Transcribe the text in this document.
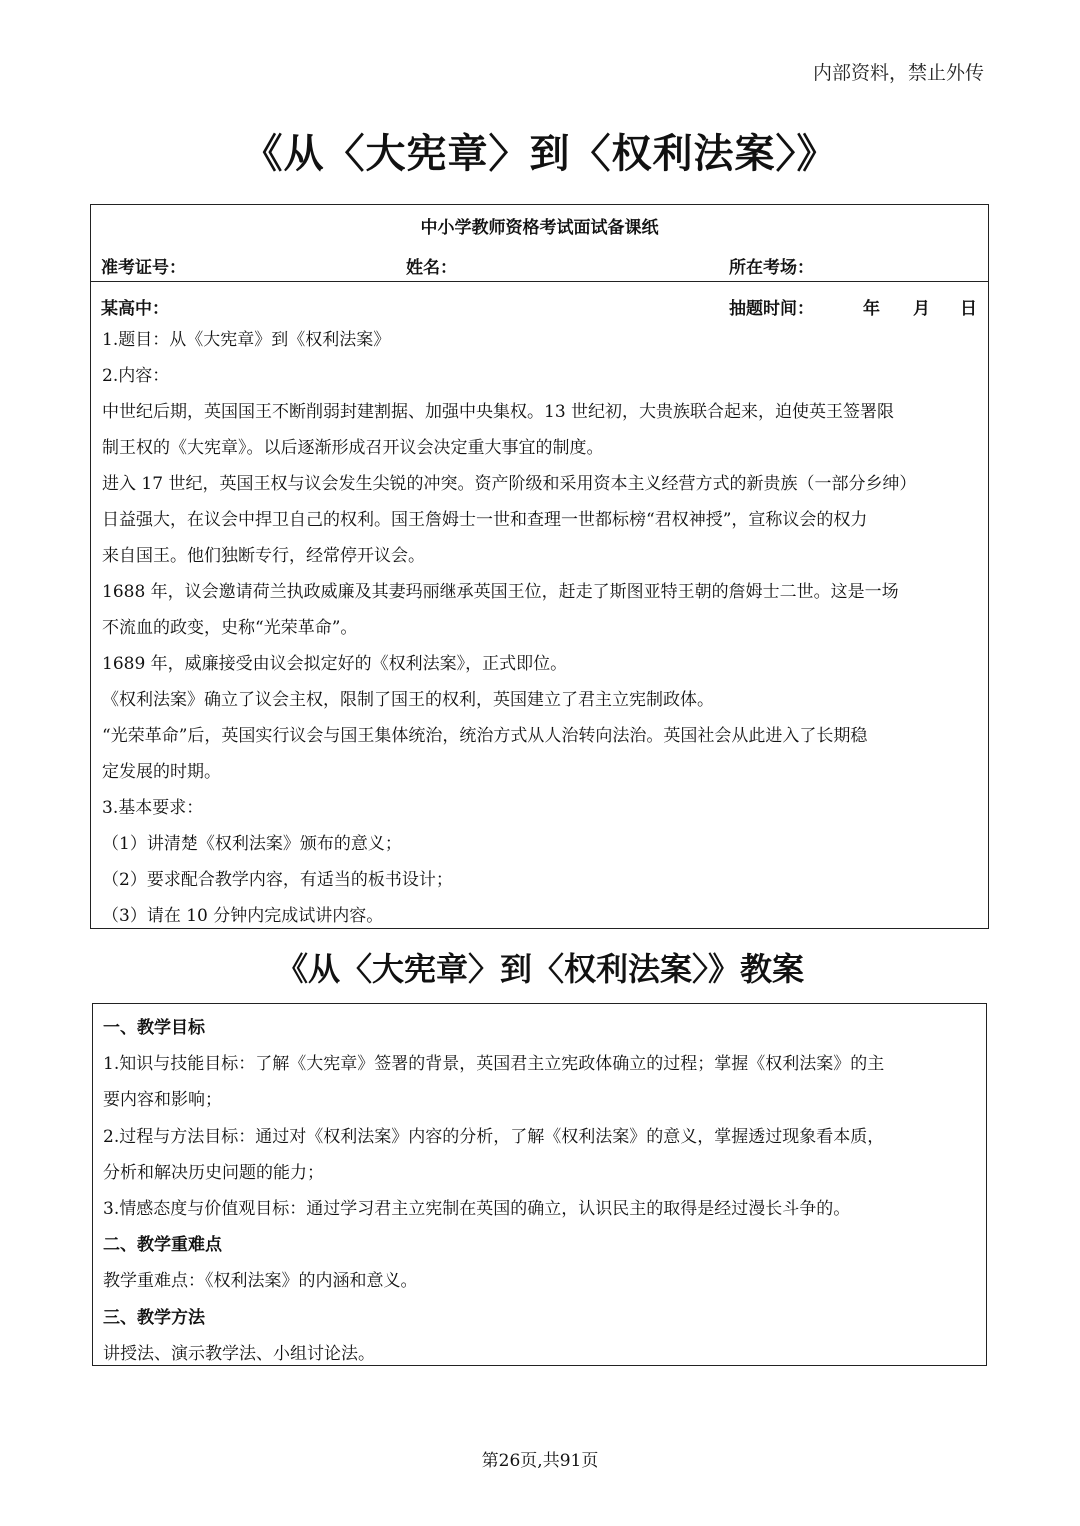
内部资料，禁止外传
《从〈大宪章〉到〈权利法案〉》
中小学教师资格考试面试备课纸
准考证号：	姓名：	所在考场：
某高中：	抽题时间：	年 月 日

1.题目：从《大宪章》到《权利法案》

2.内容：

中世纪后期，英国国王不断削弱封建割据、加强中央集权。13 世纪初，大贵族联合起来，迫使英王签署限

制王权的《大宪章》。以后逐渐形成召开议会决定重大事宜的制度。

进入 17 世纪，英国王权与议会发生尖锐的冲突。资产阶级和采用资本主义经营方式的新贵族（一部分乡绅）

日益强大，在议会中捍卫自己的权利。国王詹姆士一世和查理一世都标榜“君权神授”，宣称议会的权力

来自国王。他们独断专行，经常停开议会。

1688 年，议会邀请荷兰执政威廉及其妻玛丽继承英国王位，赶走了斯图亚特王朝的詹姆士二世。这是一场

不流血的政变，史称“光荣革命”。

1689 年，威廉接受由议会拟定好的《权利法案》，正式即位。

《权利法案》确立了议会主权，限制了国王的权利，英国建立了君主立宪制政体。

“光荣革命”后，英国实行议会与国王集体统治，统治方式从人治转向法治。英国社会从此进入了长期稳

定发展的时期。

3.基本要求：

（1）讲清楚《权利法案》颁布的意义；

（2）要求配合教学内容，有适当的板书设计；

（3）请在 10 分钟内完成试讲内容。

《从〈大宪章〉到〈权利法案〉》教案

一、教学目标

1.知识与技能目标：了解《大宪章》签署的背景，英国君主立宪政体确立的过程；掌握《权利法案》的主

要内容和影响；

2.过程与方法目标：通过对《权利法案》内容的分析，了解《权利法案》的意义，掌握透过现象看本质，

分析和解决历史问题的能力；

3.情感态度与价值观目标：通过学习君主立宪制在英国的确立，认识民主的取得是经过漫长斗争的。

二、教学重难点

教学重难点：《权利法案》的内涵和意义。

三、教学方法

讲授法、演示教学法、小组讨论法。

第26页,共91页
